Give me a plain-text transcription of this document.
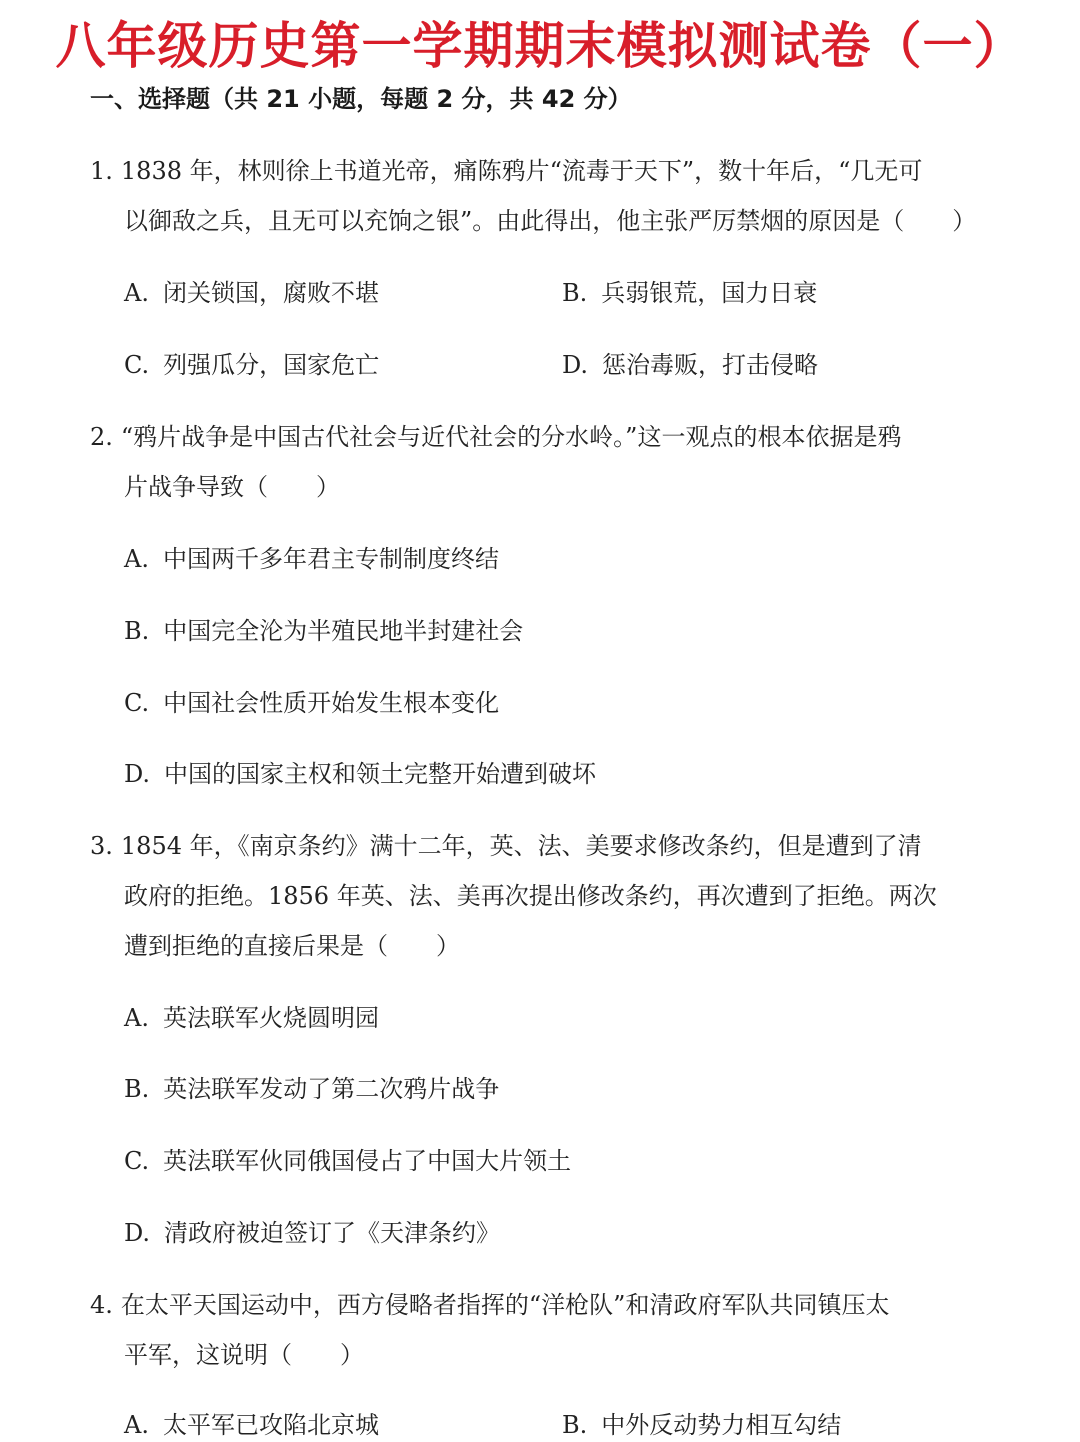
八年级历史第一学期期末模拟测试卷（一）
一、选择题（共 21 小题，每题 2 分，共 42 分）
1. 1838 年，林则徐上书道光帝，痛陈鸦片“流毒于天下”，数十年后，“几无可
以御敌之兵，且无可以充饷之银”。由此得出，他主张严厉禁烟的原因是（　　）
A. 闭关锁国，腐败不堪	B. 兵弱银荒，国力日衰
C. 列强瓜分，国家危亡	D. 惩治毒贩，打击侵略
2. “鸦片战争是中国古代社会与近代社会的分水岭。”这一观点的根本依据是鸦
片战争导致（　　）
A. 中国两千多年君主专制制度终结
B. 中国完全沦为半殖民地半封建社会
C. 中国社会性质开始发生根本变化
D. 中国的国家主权和领土完整开始遭到破坏
3. 1854 年，《南京条约》满十二年，英、法、美要求修改条约，但是遭到了清
政府的拒绝。1856 年英、法、美再次提出修改条约，再次遭到了拒绝。两次
遭到拒绝的直接后果是（　　）
A. 英法联军火烧圆明园
B. 英法联军发动了第二次鸦片战争
C. 英法联军伙同俄国侵占了中国大片领土
D. 清政府被迫签订了《天津条约》
4. 在太平天国运动中，西方侵略者指挥的“洋枪队”和清政府军队共同镇压太
平军，这说明（　　）
A. 太平军已攻陷北京城	B. 中外反动势力相互勾结
